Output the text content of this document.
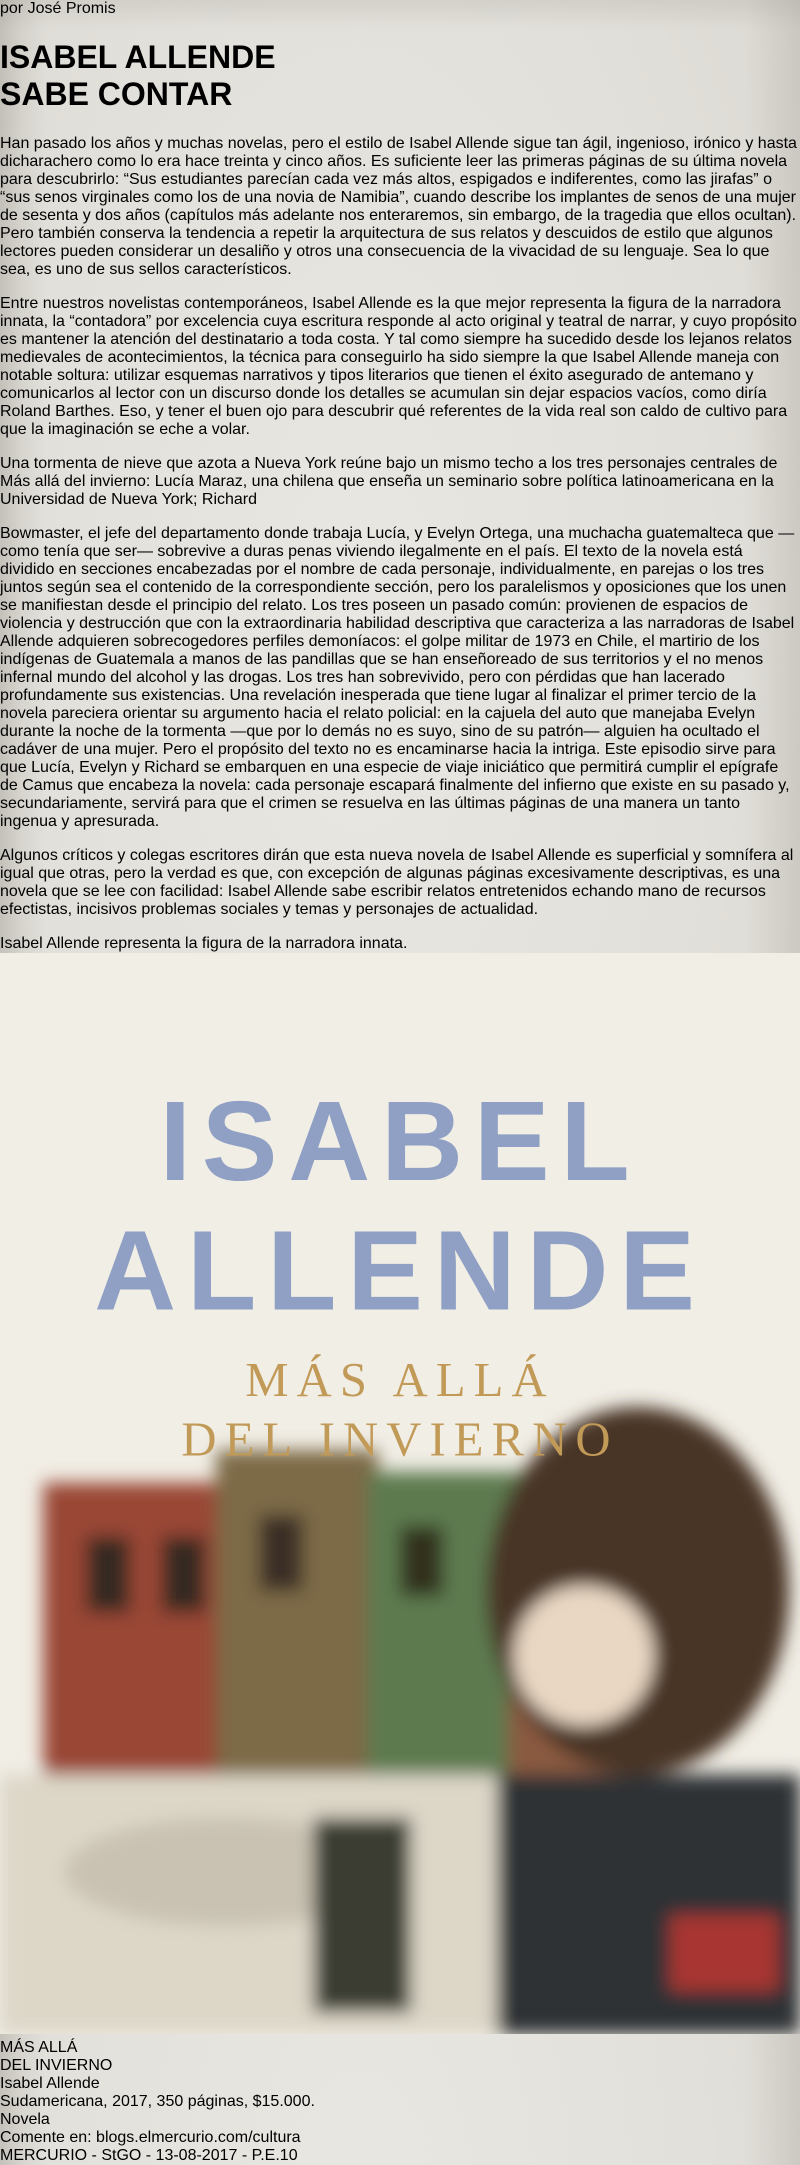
por José Promis
ISABEL ALLENDE
SABE CONTAR

Han pasado los años y muchas novelas, pero el estilo de Isabel Allende sigue tan ágil, ingenioso, irónico y hasta dicharachero como lo era hace treinta y cinco años. Es suficiente leer las primeras páginas de su última novela para descubrirlo: “Sus estudiantes parecían cada vez más altos, espigados e indiferentes, como las jirafas” o “sus senos virginales como los de una novia de Namibia”, cuando describe los implantes de senos de una mujer de sesenta y dos años (capítulos más adelante nos enteraremos, sin embargo, de la tragedia que ellos ocultan). Pero también conserva la tendencia a repetir la arquitectura de sus relatos y descuidos de estilo que algunos lectores pueden considerar un desaliño y otros una consecuencia de la vivacidad de su lenguaje. Sea lo que sea, es uno de sus sellos característicos.

Entre nuestros novelistas contemporáneos, Isabel Allende es la que mejor representa la figura de la narradora innata, la “contadora” por excelencia cuya escritura responde al acto original y teatral de narrar, y cuyo propósito es mantener la atención del destinatario a toda costa. Y tal como siempre ha sucedido desde los lejanos relatos medievales de acontecimientos, la técnica para conseguirlo ha sido siempre la que Isabel Allende maneja con notable soltura: utilizar esquemas narrativos y tipos literarios que tienen el éxito asegurado de antemano y comunicarlos al lector con un discurso donde los detalles se acumulan sin dejar espacios vacíos, como diría Roland Barthes. Eso, y tener el buen ojo para descubrir qué referentes de la vida real son caldo de cultivo para que la imaginación se eche a volar.

Una tormenta de nieve que azota a Nueva York reúne bajo un mismo techo a los tres personajes centrales de Más allá del invierno: Lucía Maraz, una chilena que enseña un seminario sobre política latinoamericana en la Universidad de Nueva York; Richard

Bowmaster, el jefe del departamento donde trabaja Lucía, y Evelyn Ortega, una muchacha guatemalteca que —como tenía que ser— sobrevive a duras penas viviendo ilegalmente en el país. El texto de la novela está dividido en secciones encabezadas por el nombre de cada personaje, individualmente, en parejas o los tres juntos según sea el contenido de la correspondiente sección, pero los paralelismos y oposiciones que los unen se manifiestan desde el principio del relato. Los tres poseen un pasado común: provienen de espacios de violencia y destrucción que con la extraordinaria habilidad descriptiva que caracteriza a las narradoras de Isabel Allende adquieren sobrecogedores perfiles demoníacos: el golpe militar de 1973 en Chile, el martirio de los indígenas de Guatemala a manos de las pandillas que se han enseñoreado de sus territorios y el no menos infernal mundo del alcohol y las drogas. Los tres han sobrevivido, pero con pérdidas que han lacerado profundamente sus existencias. Una revelación inesperada que tiene lugar al finalizar el primer tercio de la novela pareciera orientar su argumento hacia el relato policial: en la cajuela del auto que manejaba Evelyn durante la noche de la tormenta —que por lo demás no es suyo, sino de su patrón— alguien ha ocultado el cadáver de una mujer. Pero el propósito del texto no es encaminarse hacia la intriga. Este episodio sirve para que Lucía, Evelyn y Richard se embarquen en una especie de viaje iniciático que permitirá cumplir el epígrafe de Camus que encabeza la novela: cada personaje escapará finalmente del infierno que existe en su pasado y, secundariamente, servirá para que el crimen se resuelva en las últimas páginas de una manera un tanto ingenua y apresurada.

Algunos críticos y colegas escritores dirán que esta nueva novela de Isabel Allende es superficial y somnífera al igual que otras, pero la verdad es que, con excepción de algunas páginas excesivamente descriptivas, es una novela que se lee con facilidad: Isabel Allende sabe escribir relatos entretenidos echando mano de recursos efectistas, incisivos problemas sociales y temas y personajes de actualidad.

Isabel Allende representa la figura de la narradora innata.
ISABEL
ALLENDE
MÁS ALLÁ
DEL INVIERNO
MÁS ALLÁ
DEL INVIERNO
Isabel Allende
Sudamericana, 2017, 350 páginas, $15.000.
Novela
Comente en: blogs.elmercurio.com/cultura
MERCURIO - StGO - 13-08-2017 - P.E.10
